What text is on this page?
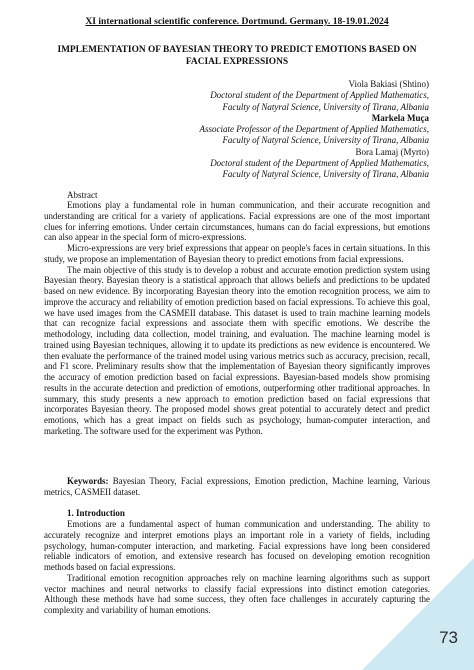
XI international scientific conference. Dortmund. Germany. 18-19.01.2024
IMPLEMENTATION OF BAYESIAN THEORY TO PREDICT EMOTIONS BASED ON FACIAL EXPRESSIONS
Viola Bakiasi (Shtino)
Doctoral student of the Department of Applied Mathematics,
Faculty of Natyral Science, University of Tirana, Albania
Markela Muça
Associate Professor of the Department of Applied Mathematics,
Faculty of Natyral Science, University of Tirana, Albania
Bora Lamaj (Myrto)
Doctoral student of the Department of Applied Mathematics,
Faculty of Natyral Science, University of Tirana, Albania
Abstract

Emotions play a fundamental role in human communication, and their accurate recognition and understanding are critical for a variety of applications. Facial expressions are one of the most important clues for inferring emotions. Under certain circumstances, humans can do facial expressions, but emotions can also appear in the special form of micro-expressions.

Micro-expressions are very brief expressions that appear on people's faces in certain situations. In this study, we propose an implementation of Bayesian theory to predict emotions from facial expressions.

The main objective of this study is to develop a robust and accurate emotion prediction system using Bayesian theory. Bayesian theory is a statistical approach that allows beliefs and predictions to be updated based on new evidence. By incorporating Bayesian theory into the emotion recognition process, we aim to improve the accuracy and reliability of emotion prediction based on facial expressions. To achieve this goal, we have used images from the CASMEII database. This dataset is used to train machine learning models that can recognize facial expressions and associate them with specific emotions. We describe the methodology, including data collection, model training, and evaluation. The machine learning model is trained using Bayesian techniques, allowing it to update its predictions as new evidence is encountered. We then evaluate the performance of the trained model using various metrics such as accuracy, precision, recall, and F1 score. Preliminary results show that the implementation of Bayesian theory significantly improves the accuracy of emotion prediction based on facial expressions. Bayesian-based models show promising results in the accurate detection and prediction of emotions, outperforming other traditional approaches. In summary, this study presents a new approach to emotion prediction based on facial expressions that incorporates Bayesian theory. The proposed model shows great potential to accurately detect and predict emotions, which has a great impact on fields such as psychology, human-computer interaction, and marketing. The software used for the experiment was Python.

Keywords: Bayesian Theory, Facial expressions, Emotion prediction, Machine learning, Various metrics, CASMEII dataset.
1. Introduction

Emotions are a fundamental aspect of human communication and understanding. The ability to accurately recognize and interpret emotions plays an important role in a variety of fields, including psychology, human-computer interaction, and marketing. Facial expressions have long been considered reliable indicators of emotion, and extensive research has focused on developing emotion recognition methods based on facial expressions.

Traditional emotion recognition approaches rely on machine learning algorithms such as support vector machines and neural networks to classify facial expressions into distinct emotion categories. Although these methods have had some success, they often face challenges in accurately capturing the complexity and variability of human emotions.

73
